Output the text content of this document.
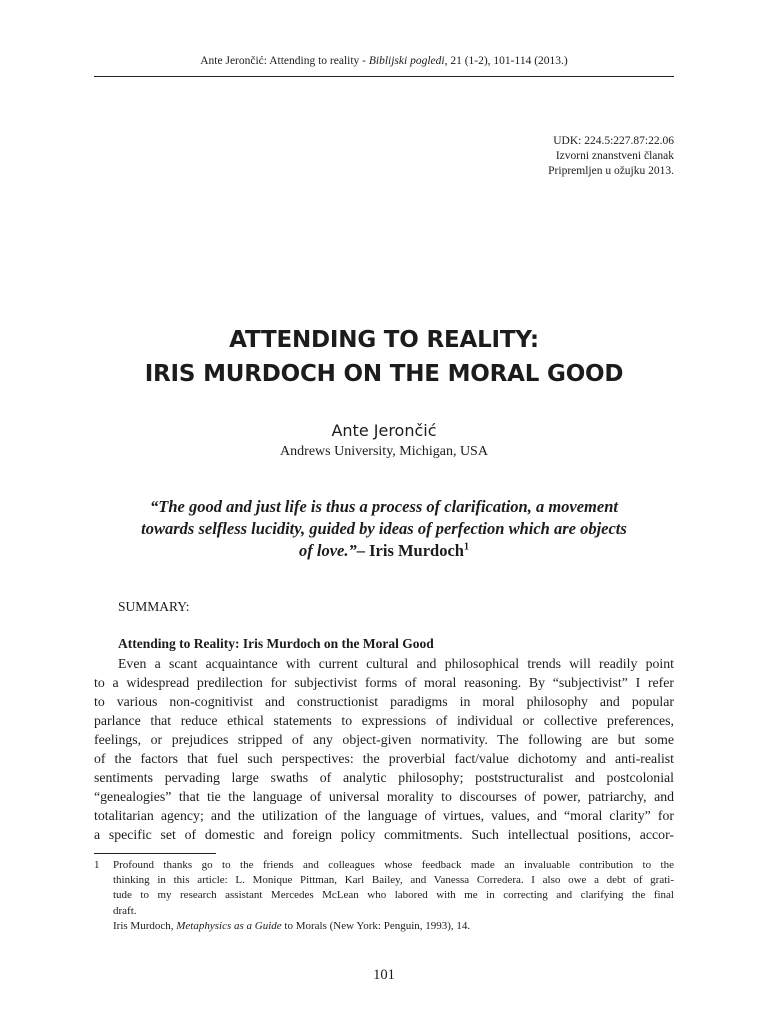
Ante Jerončić: Attending to reality - Biblijski pogledi, 21 (1-2), 101-114 (2013.)
UDK: 224.5:227.87:22.06
Izvorni znanstveni članak
Pripremljen u ožujku 2013.
ATTENDING TO REALITY:
IRIS MURDOCH ON THE MORAL GOOD
Ante Jerončić
Andrews University, Michigan, USA
“The good and just life is thus a process of clarification, a movement towards selfless lucidity, guided by ideas of perfection which are objects of love.”– Iris Murdoch$^1$
SUMMARY:
Attending to Reality: Iris Murdoch on the Moral Good
Even a scant acquaintance with current cultural and philosophical trends will readily point
to a widespread predilection for subjectivist forms of moral reasoning. By “subjectivist” I refer
to various non-cognitivist and constructionist paradigms in moral philosophy and popular
parlance that reduce ethical statements to expressions of individual or collective preferences,
feelings, or prejudices stripped of any object-given normativity. The following are but some
of the factors that fuel such perspectives: the proverbial fact/value dichotomy and anti-realist
sentiments pervading large swaths of analytic philosophy; poststructuralist and postcolonial
“genealogies” that tie the language of universal morality to discourses of power, patriarchy, and
totalitarian agency; and the utilization of the language of virtues, values, and “moral clarity” for
a specific set of domestic and foreign policy commitments. Such intellectual positions, accor-
1 Profound thanks go to the friends and colleagues whose feedback made an invaluable contribution to the
thinking in this article: L. Monique Pittman, Karl Bailey, and Vanessa Corredera. I also owe a debt of grati-
tude to my research assistant Mercedes McLean who labored with me in correcting and clarifying the final
draft.
Iris Murdoch, Metaphysics as a Guide to Morals (New York: Penguin, 1993), 14.
101
